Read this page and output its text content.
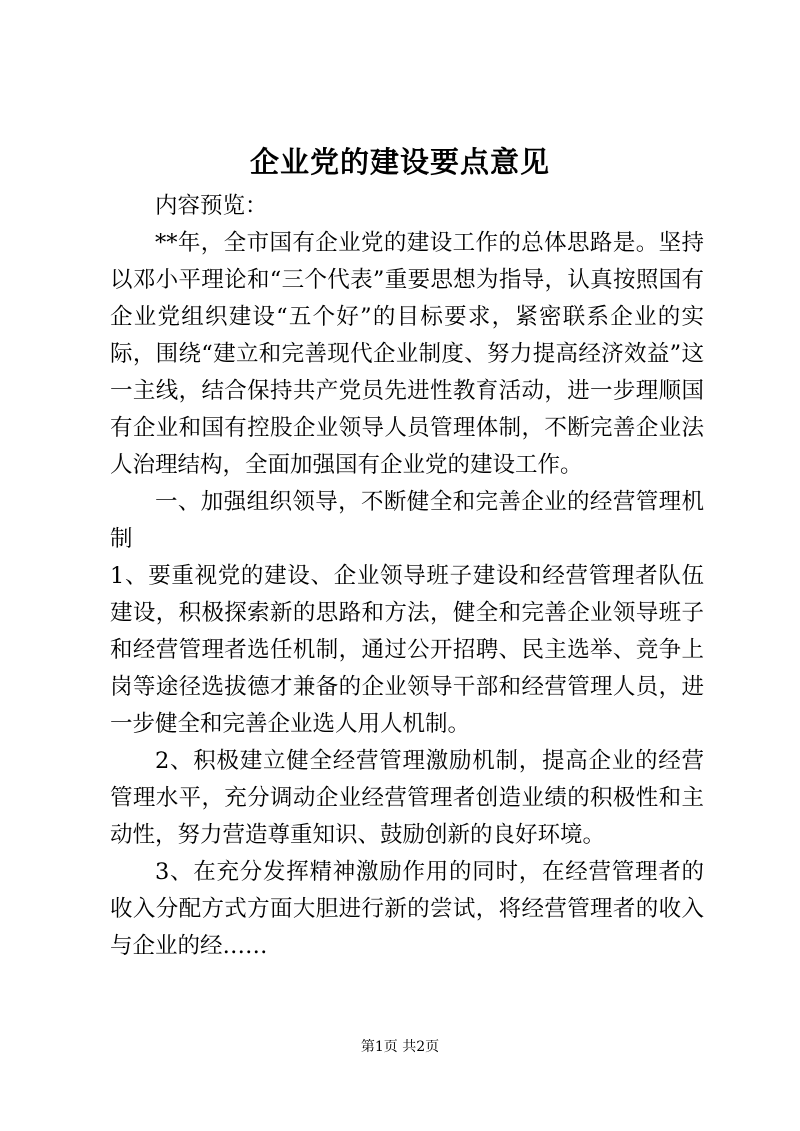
企业党的建设要点意见

内容预览：

**年，全市国有企业党的建设工作的总体思路是。坚持以邓小平理论和“三个代表”重要思想为指导，认真按照国有企业党组织建设“五个好”的目标要求，紧密联系企业的实际，围绕“建立和完善现代企业制度、努力提高经济效益”这一主线，结合保持共产党员先进性教育活动，进一步理顺国有企业和国有控股企业领导人员管理体制，不断完善企业法人治理结构，全面加强国有企业党的建设工作。

一、加强组织领导，不断健全和完善企业的经营管理机制

1、要重视党的建设、企业领导班子建设和经营管理者队伍建设，积极探索新的思路和方法，健全和完善企业领导班子和经营管理者选任机制，通过公开招聘、民主选举、竞争上岗等途径选拔德才兼备的企业领导干部和经营管理人员，进一步健全和完善企业选人用人机制。

2、积极建立健全经营管理激励机制，提高企业的经营管理水平，充分调动企业经营管理者创造业绩的积极性和主动性，努力营造尊重知识、鼓励创新的良好环境。

3、在充分发挥精神激励作用的同时，在经营管理者的收入分配方式方面大胆进行新的尝试，将经营管理者的收入与企业的经……

第1页 共2页
